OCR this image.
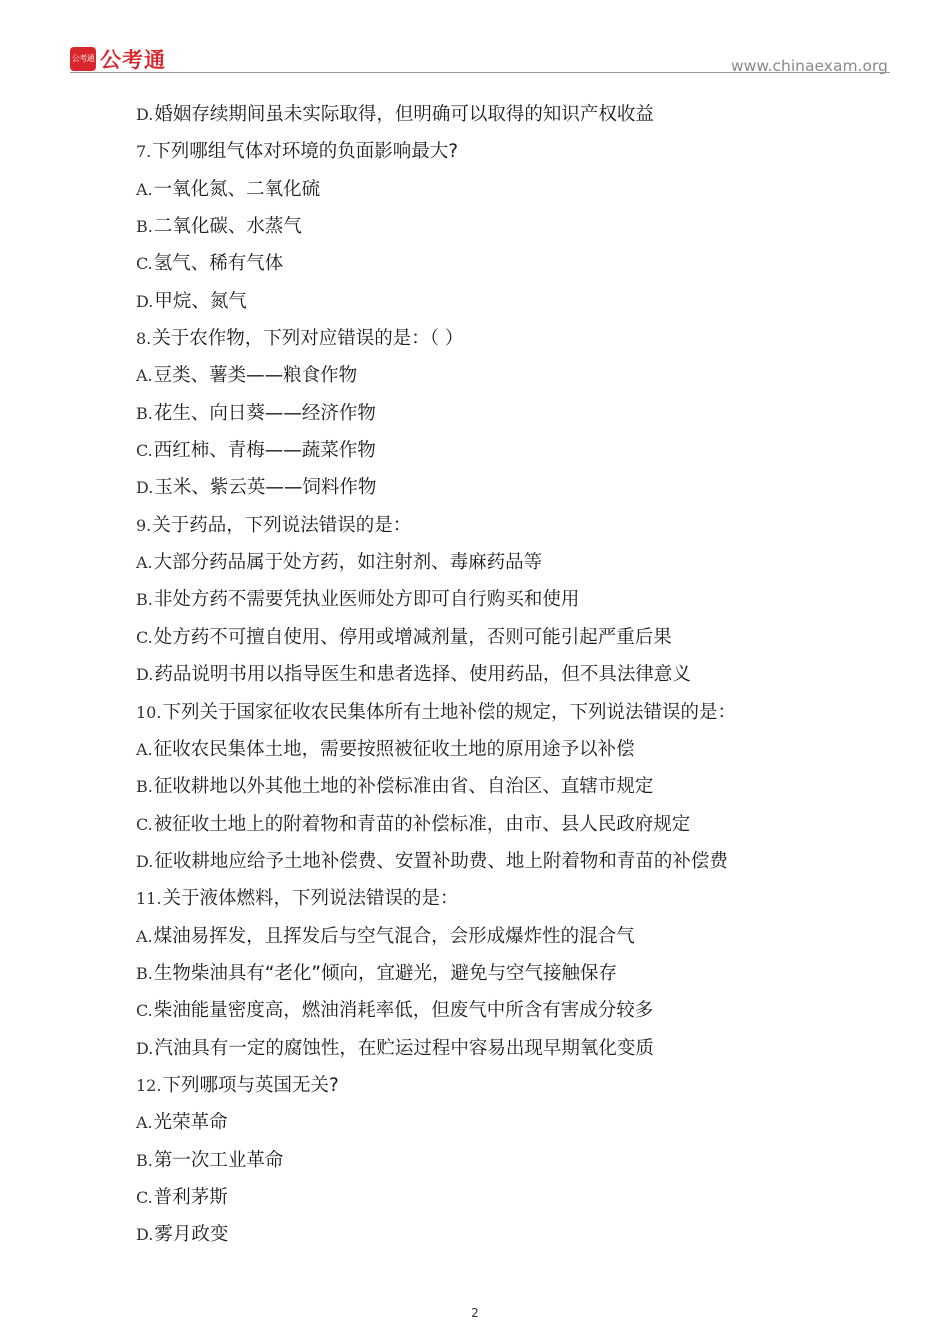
公考通 公考通	www.chinaexam.org
D.婚姻存续期间虽未实际取得，但明确可以取得的知识产权收益
7.下列哪组气体对环境的负面影响最大?
A.一氧化氮、二氧化硫
B.二氧化碳、水蒸气
C.氢气、稀有气体
D.甲烷、氮气
8.关于农作物，下列对应错误的是：（ ）
A.豆类、薯类——粮食作物
B.花生、向日葵——经济作物
C.西红柿、青梅——蔬菜作物
D.玉米、紫云英——饲料作物
9.关于药品，下列说法错误的是：
A.大部分药品属于处方药，如注射剂、毒麻药品等
B.非处方药不需要凭执业医师处方即可自行购买和使用
C.处方药不可擅自使用、停用或增减剂量，否则可能引起严重后果
D.药品说明书用以指导医生和患者选择、使用药品，但不具法律意义
10.下列关于国家征收农民集体所有土地补偿的规定，下列说法错误的是：
A.征收农民集体土地，需要按照被征收土地的原用途予以补偿
B.征收耕地以外其他土地的补偿标准由省、自治区、直辖市规定
C.被征收土地上的附着物和青苗的补偿标准，由市、县人民政府规定
D.征收耕地应给予土地补偿费、安置补助费、地上附着物和青苗的补偿费
11.关于液体燃料，下列说法错误的是：
A.煤油易挥发，且挥发后与空气混合，会形成爆炸性的混合气
B.生物柴油具有“老化”倾向，宜避光，避免与空气接触保存
C.柴油能量密度高，燃油消耗率低，但废气中所含有害成分较多
D.汽油具有一定的腐蚀性，在贮运过程中容易出现早期氧化变质
12.下列哪项与英国无关?
A.光荣革命
B.第一次工业革命
C.普利茅斯
D.雾月政变
2
